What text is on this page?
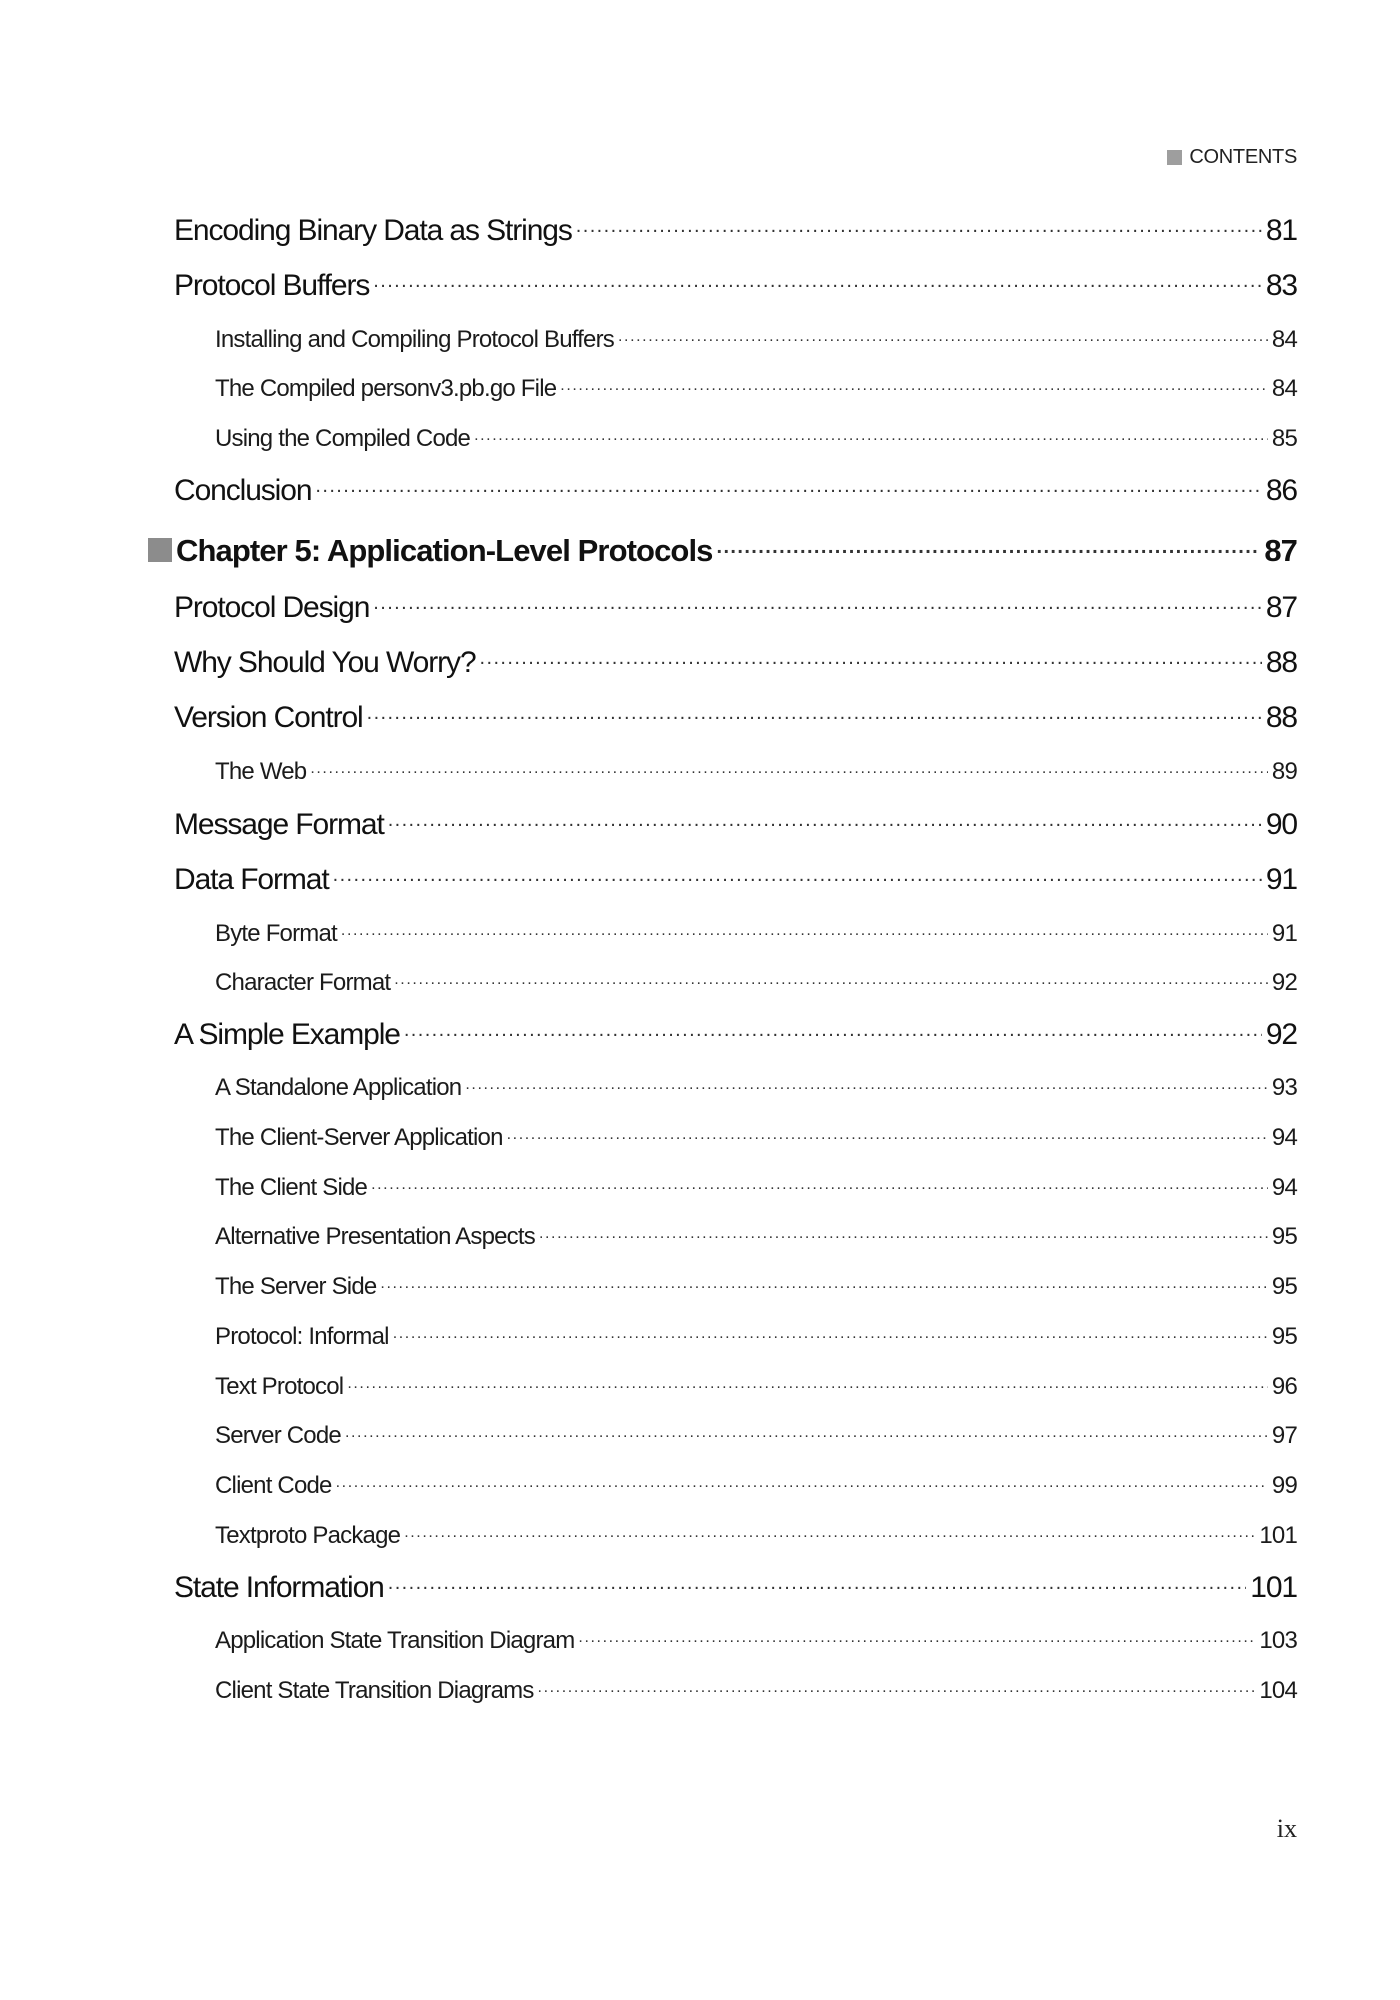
CONTENTS
Encoding Binary Data as Strings .....	81
Protocol Buffers .....	83
Installing and Compiling Protocol Buffers .....	84
The Compiled personv3.pb.go File .....	84
Using the Compiled Code .....	85
Conclusion .....	86
Chapter 5: Application-Level Protocols .....	87
Protocol Design .....	87
Why Should You Worry? .....	88
Version Control .....	88
The Web .....	89
Message Format .....	90
Data Format .....	91
Byte Format .....	91
Character Format .....	92
A Simple Example .....	92
A Standalone Application .....	93
The Client-Server Application .....	94
The Client Side .....	94
Alternative Presentation Aspects .....	95
The Server Side .....	95
Protocol: Informal .....	95
Text Protocol .....	96
Server Code .....	97
Client Code .....	99
Textproto Package .....	101
State Information .....	101
Application State Transition Diagram .....	103
Client State Transition Diagrams .....	104
ix
